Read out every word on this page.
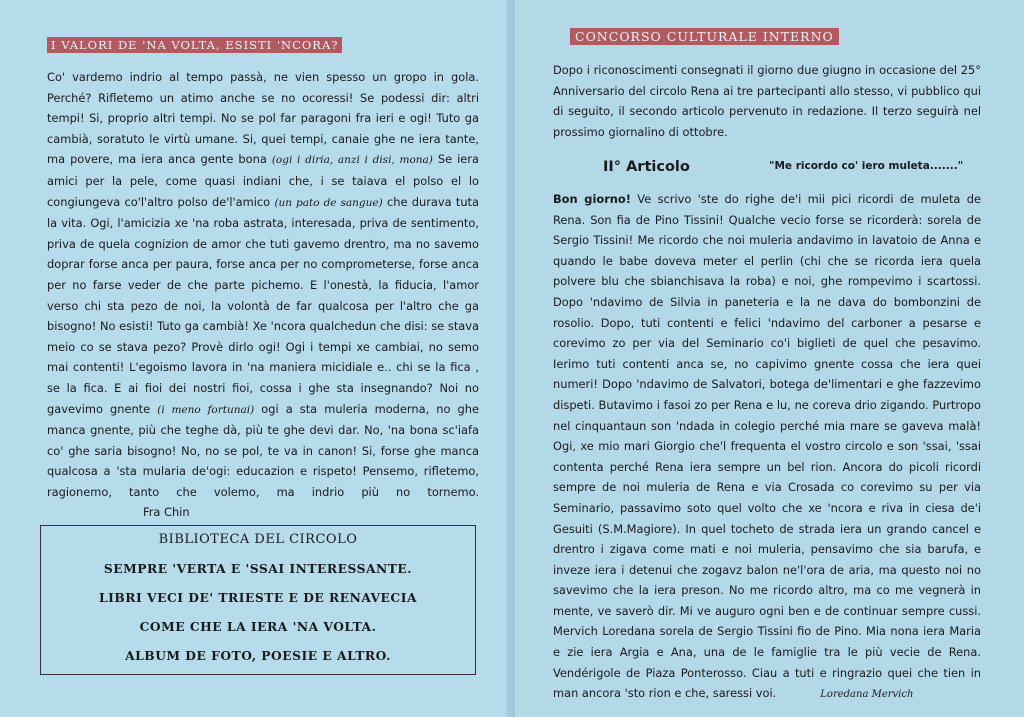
I VALORI DE 'NA VOLTA, ESISTI 'NCORA?

Co' vardemo indrio al tempo passà, ne vien spesso un gropo in gola. Perché? Rifletemo un atimo anche se no ocoressi! Se podessi dir: altri tempi! Si, proprio altri tempi. No se pol far paragoni fra ieri e ogi! Tuto ga cambià, soratuto le virtù umane. Si, quei tempi, canaie ghe ne iera tante, ma povere, ma iera anca gente bona (ogi i diria, anzi i disi, mona) Se iera amici per la pele, come quasi indiani che, i se taiava el polso el lo congiungeva co'l'altro polso de'l'amico (un pato de sangue) che durava tuta la vita. Ogi, l'amicizia xe 'na roba astrata, interesada, priva de sentimento, priva de quela cognizion de amor che tuti gavemo drentro, ma no savemo doprar forse anca per paura, forse anca per no comprometerse, forse anca per no farse veder de che parte pichemo. E l'onestà, la fiducia, l'amor verso chi sta pezo de noi, la volontà de far qualcosa per l'altro che ga bisogno! No esisti! Tuto ga cambià! Xe 'ncora qualchedun che disi: se stava meio co se stava pezo? Provè dirlo ogi! Ogi i tempi xe cambiai, no semo mai contenti! L'egoismo lavora in 'na maniera micidiale e.. chi se la fica , se la fica. E ai fioi dei nostri fioi, cossa i ghe sta insegnando? Noi no gavevimo gnente (i meno fortunai) ogi a sta muleria moderna, no ghe manca gnente, più che teghe dà, più te ghe devi dar. No, 'na bona sc'iafa co' ghe saria bisogno! No, no se pol, te va in canon! Si, forse ghe manca qualcosa a 'sta mularia de'ogi: educazion e rispeto! Pensemo, rifletemo, ragionemo, tanto che volemo, ma indrio più no tornemo.Fra Chin

BIBLIOTECA DEL CIRCOLO
SEMPRE 'VERTA E 'SSAI INTERESSANTE.
LIBRI VECI DE' TRIESTE E DE RENAVECIA
COME CHE LA IERA 'NA VOLTA.
ALBUM DE FOTO, POESIE E ALTRO.
CONCORSO CULTURALE INTERNO

Dopo i riconoscimenti consegnati il giorno due giugno in occasione del 25° Anniversario del circolo Rena ai tre partecipanti allo stesso, vi pubblico qui di seguito, il secondo articolo pervenuto in redazione. Il terzo seguirà nel prossimo giornalino di ottobre.

II° Articolo	"Me ricordo co' iero muleta......."

Bon giorno! Ve scrivo 'ste do righe de'i mii pici ricordi de muleta de Rena. Son fia de Pino Tissini! Qualche vecio forse se ricorderà: sorela de Sergio Tissini! Me ricordo che noi muleria andavimo in lavatoio de Anna e quando le babe doveva meter el perlin (chi che se ricorda iera quela polvere blu che sbianchisava la roba) e noi, ghe rompevimo i scartossi. Dopo 'ndavimo de Silvia in paneteria e la ne dava do bombonzini de rosolio. Dopo, tuti contenti e felici 'ndavimo del carboner a pesarse e corevimo zo per via del Seminario co'i biglieti de quel che pesavimo. Ierimo tuti contenti anca se, no capivimo gnente cossa che iera quei numeri! Dopo 'ndavimo de Salvatori, botega de'limentari e ghe fazzevimo dispeti. Butavimo i fasoi zo per Rena e lu, ne coreva drio zigando. Purtropo nel cinquantaun son 'ndada in colegio perché mia mare se gaveva malà! Ogi, xe mio mari Giorgio che'l frequenta el vostro circolo e son 'ssai, 'ssai contenta perché Rena iera sempre un bel rion. Ancora do picoli ricordi sempre de noi muleria de Rena e via Crosada co corevimo su per via Seminario, passavimo soto quel volto che xe 'ncora e riva in ciesa de'i Gesuiti (S.M.Magiore). In quel tocheto de strada iera un grando cancel e drentro i zigava come mati e noi muleria, pensavimo che sia barufa, e inveze iera i detenui che zogavz balon ne'l'ora de aria, ma questo noi no savevimo che la iera preson. No me ricordo altro, ma co me vegnerà in mente, ve saverò dir. Mi ve auguro ogni ben e de continuar sempre cussi. Mervich Loredana sorela de Sergio Tissini fio de Pino. Mia nona iera Maria e zie iera Argia e Ana, una de le famiglie tra le più vecie de Rena. Vendérigole de Piaza Ponterosso. Ciau a tuti e ringrazio quei che tien in man ancora 'sto rion e che, saressi voi.	Loredana Mervich
